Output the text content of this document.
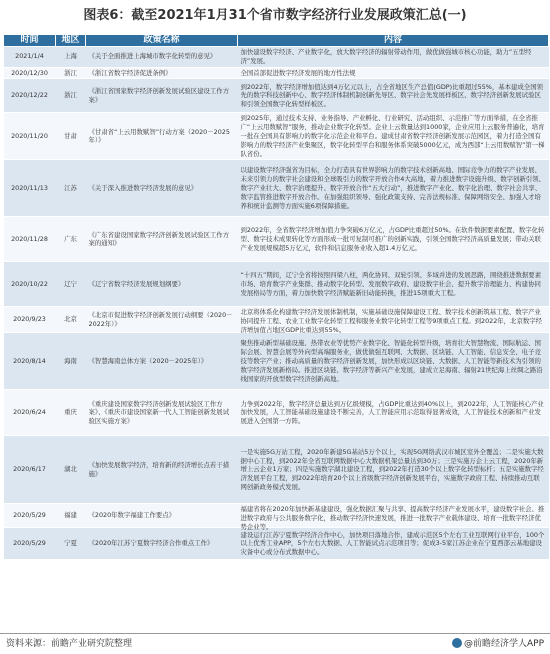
图表6：截至2021年1月31个省市数字经济行业发展政策汇总(一)
时间	地区	政策名称	内容

2021/1/4	上海	《关于全面推进上海城市数字化转型的意见》	加快建设数字经济、产业数字化，放大数字经济的辐射带动作用，做优做强城市核心功能，助力“五型经济”发展。

2020/12/30	浙江	《浙江省数字经济促进条例》	全国首部促进数字经济发展的地方性法规

2020/12/22	浙江	《浙江省国家数字经济创新发展试验区建设工作方案》	到2022年，数字经济增加值达到4万亿元以上，占全省地区生产总值(GDP)比重超过55%，基本建成全国领先的数字科技创新中心、数字经济体制机制创新先导区、数字社会先发展样板区、数字经济创新发展试验区和引领全国数字化转型样板区。

2020/11/20	甘肃	《甘肃省“上云用数赋智”行动方案（2020－2025年）》	到2025年，通过技术支持、业务指导、产业孵化、行业研究、活动组织、示范推广等方面举措，在全省推广“上云用数赋智”服务，推动企业数字化转型。企业上云数量达到1000家，企业应用上云服务普遍化，培育一批在全国具有影响力的数字化示范企业和平台。建成甘肃省数字经济创新发展示范园区，着力打造全国有影响力的数字经济产业集聚区，数字化转型平台和服务体系突破5000亿元，成为西部“上云用数赋智”第一梯队省份。

2020/11/13	江苏	《关于深入推进数字经济发展的意见》	以建设数字经济强省为目标，全力打造具有世界影响力的数字技术创新高地、国际竞争力的数字产业发展、未来引领力的数字社会建设和全球吸引力的数字开放合作4大高地，着力推进数字设施升级、数字创新引领、数字产业壮大、数字治理提升、数字开放合作“五大行动”，推进数字产业化、数字化治理、数字社会共享、数字监管推进数字开放合作。在加强组织领导、强化政策支持、完善法规标准、保障网络安全、加强人才培养和统计监测等方面实施6项保障措施。

2020/11/28	广东	《广东省建设国家数字经济创新发展试验区工作方案的通知》	到2022年，全省数字经济增加值力争突破6万亿元，占GDP比重超过50%。在软件数据要素配置、数字化转型、数字技术成果转化等方面形成一批可复制可推广的创新实践，引领全国数字经济高质量发展；带动关联产业发展规模超5万亿元，软件和信息服务业收入超1.4万亿元。

2020/10/22	辽宁	《辽宁省数字经济发展规划纲要》	“十四五”期间，辽宁全省将按照四梁八柱，两化协同、双轮引领、多域并进的发展思路，围绕推进数据要素市场、培育数字产业集群、推动数字化转型、发展数字政府、建设数字社会、提升数字治理能力、构建协同发展格局等方面，着力加快数字经济赋能新旧动能转换，推进15项重大工程。

2020/9/23	北京	《北京市促进数字经济创新发展行动纲要（2020－2022年）》	北京将体系化构建数字经济发展体制机制，实施基础设施保障建设工程、数字技术创新筑基工程、数字产业协同提升工程、农业工业数字化转型工程和服务业数字化转型工程等9项重点工程。到2022年，北京数字经济增加值占地区GDP比重达到55%。

2020/8/14	海南	《智慧海南总体方案（2020－2025年）》	聚焦推动新型基础设施、热带农业等优势产业数字化、智能化转型升级，培育壮大智慧物流、国际航运、国际会展、智慧会展等外向型高端服务业，做优做强互联网、大数据、区块链、人工智能、信息安全、电子竞技等数字产业；推动高质量的数字经济创新发展，加快形成以区块链、大数据、人工智能等新技术为引领的数字经济发展新格局。推进区块链、数字经济等新兴产业发展，建成立足海南、辐射21世纪海上丝绸之路沿线国家的开放型数字经济创新高地。

2020/6/24	重庆	《重庆建设国家数字经济创新发展试验区工作方案》、《重庆市建设国家新一代人工智能创新发展试验区实施方案》	力争到2022年，数字经济总量达到万亿级规模，占GDP比重达到40%以上，到2022年，人工智能核心产业加快发展，人工智能基础设施建设不断完善，人工智能应用示范取得显著成效，人工智能技术创新和产业发展进入全国第一方阵。

2020/6/17	湖北	《加快发展数字经济，培育新的经济增长点若干措施》	一是实施5G万站工程，2020年新建5G基站5万个以上，实现5G网络武汉市城区室外全覆盖；二是实施大数据中心工程，到2022年全省互联网数据中心大数据机架总量达到30万；三是实施万企上云工程，2020年新增上云企业1万家；四是实施数字湖北建设工程，到2022年打造30个以上数字化转型标杆；五是实施数字经济发展平台工程，到2022年培育20个以上省级数字经济创新发展平台，实施数字政府工程、持续推动互联网创新政务模式发展。

2020/5/29	福建	《2020年数字福建工作要点》	福建省将在2020年加快新基建建设，强化数据汇聚与共享、提高数字经济产业发展水平，建设数字社会、推进数字政府与公共服务数字化，推动数字经济快速发展，推进一批数字产业载体建设、培育一批数字经济优势企业等。

2020/5/29	宁夏	《2020年江苏宁夏数字经济合作重点工作》	建设运行江苏宁夏数字经济合作中心，加快项目落地合作，建成示范区5个左右工业互联网行业平台，100个以上优秀工业APP，5个左右大数据、人工智能试点示范项目等；促成3-5家江苏企业在宁夏西部云基地建设灾备中心或分布式数据中心。
资料来源：前瞻产业研究院整理	@前瞻经济学人APP
